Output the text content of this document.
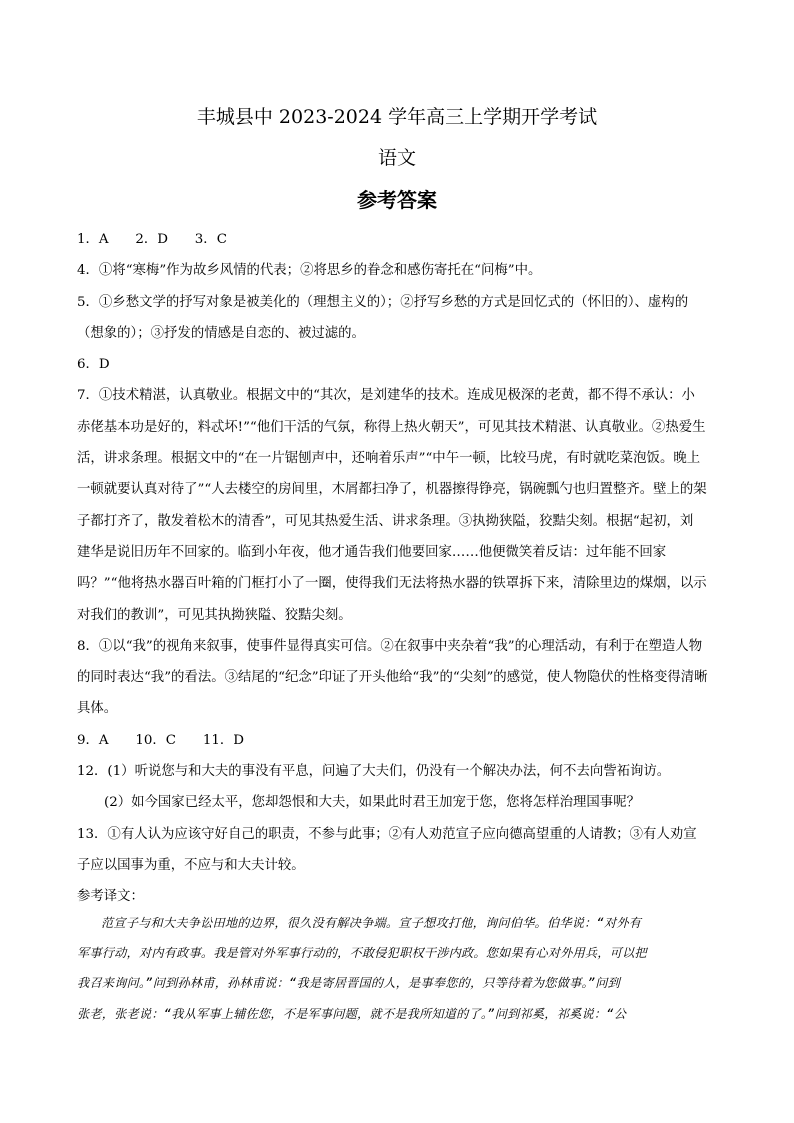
丰城县中 2023-2024 学年高三上学期开学考试
语文
参考答案
1．A　　2．D　　3．C
4．①将“寒梅”作为故乡风情的代表；②将思乡的眷念和感伤寄托在“问梅”中。
5．①乡愁文学的抒写对象是被美化的（理想主义的）；②抒写乡愁的方式是回忆式的（怀旧的）、虚构的
（想象的）；③抒发的情感是自恋的、被过滤的。
6．D
7．①技术精湛，认真敬业。根据文中的“其次，是刘建华的技术。连成见极深的老黄，都不得不承认：小
赤佬基本功是好的，料忒坏!”“他们干活的气氛，称得上热火朝天”，可见其技术精湛、认真敬业。②热爱生
活，讲求条理。根据文中的“在一片锯刨声中，还响着乐声”“中午一顿，比较马虎，有时就吃菜泡饭。晚上
一顿就要认真对待了”“人去楼空的房间里，木屑都扫净了，机器擦得铮亮，锅碗瓢勺也归置整齐。壁上的架
子都打齐了，散发着松木的清香”，可见其热爱生活、讲求条理。③执拗狭隘，狡黠尖刻。根据“起初，刘
建华是说旧历年不回家的。临到小年夜，他才通告我们他要回家……他便微笑着反诘：过年能不回家
吗？”“他将热水器百叶箱的门框打小了一圈，使得我们无法将热水器的铁罩拆下来，清除里边的煤烟，以示
对我们的教训”，可见其执拗狭隘、狡黠尖刻。
8．①以“我”的视角来叙事，使事件显得真实可信。②在叙事中夹杂着“我”的心理活动，有利于在塑造人物
的同时表达“我”的看法。③结尾的“纪念”印证了开头他给“我”的“尖刻”的感觉，使人物隐伏的性格变得清晰
具体。
9．A　　10．C　　11．D
12．(1）听说您与和大夫的事没有平息，问遍了大夫们，仍没有一个解决办法，何不去向訾祏询访。
(2）如今国家已经太平，您却怨恨和大夫，如果此时君王加宠于您，您将怎样治理国事呢？
13．①有人认为应该守好自己的职责，不参与此事；②有人劝范宣子应向德高望重的人请教；③有人劝宣
子应以国事为重，不应与和大夫计较。
参考译文：
范宣子与和大夫争讼田地的边界，很久没有解决争端。宣子想攻打他，询问伯华。伯华说：“对外有
军事行动，对内有政事。我是管对外军事行动的，不敢侵犯职权干涉内政。您如果有心对外用兵，可以把
我召来询问。”问到孙林甫，孙林甫说：“我是寄居晋国的人，是事奉您的，只等待着为您做事。”问到
张老，张老说：“我从军事上辅佐您，不是军事问题，就不是我所知道的了。”问到祁奚，祁奚说：“公
